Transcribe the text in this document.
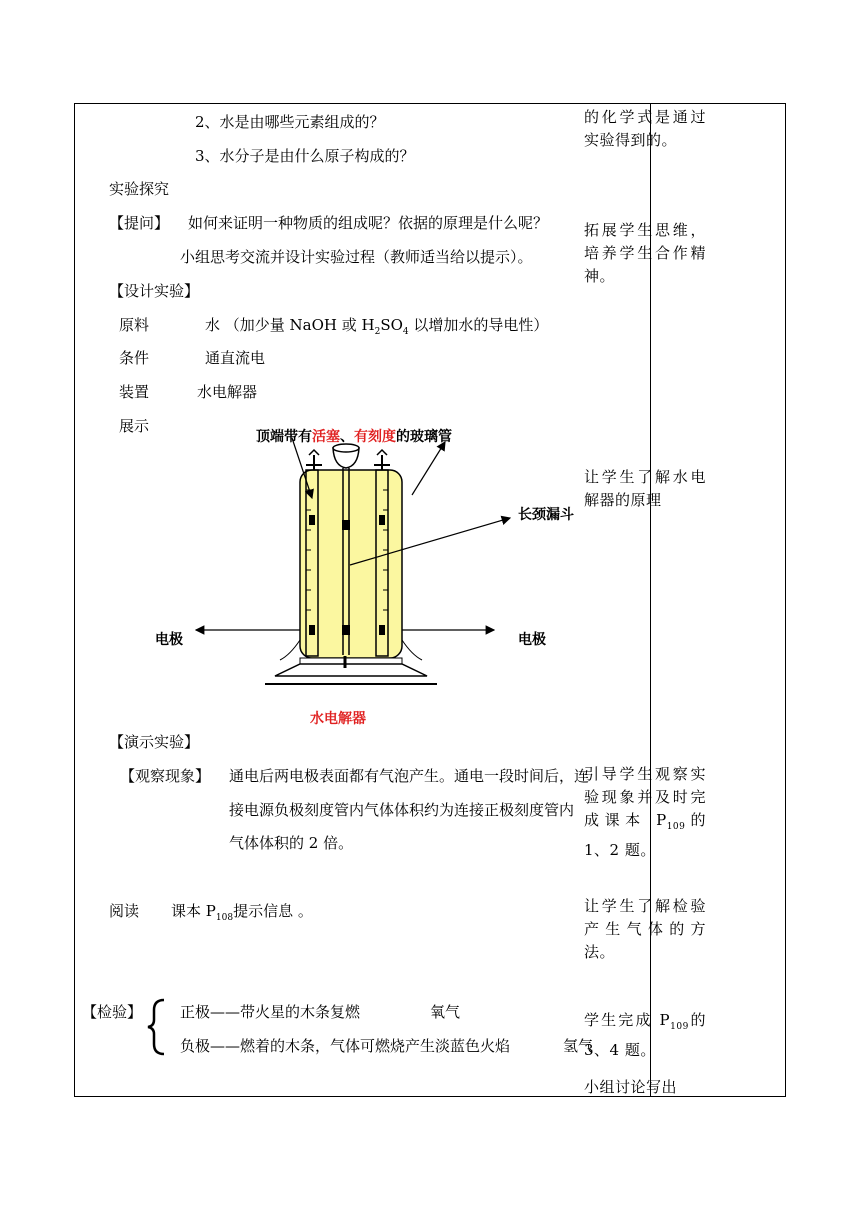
2、水是由哪些元素组成的？
3、水分子是由什么原子构成的？
实验探究
【提问】 如何来证明一种物质的组成呢？依据的原理是什么呢？
小组思考交流并设计实验过程（教师适当给以提示）。
【设计实验】
原料	水 （加少量 NaOH 或 $H_2SO_4$ 以增加水的导电性）
条件	通直流电
装置	水电解器
展示
顶端带有活塞、有刻度的玻璃管
长颈漏斗
电极	电极
水电解器
【演示实验】
【观察现象】 通电后两电极表面都有气泡产生。通电一段时间后，连
接电源负极刻度管内气体体积约为连接正极刻度管内
气体体积的 2 倍。
阅读 课本 $P_{108}$提示信息 。
【检验】	正极——带火星的木条复燃	氧气
负极——燃着的木条，气体可燃烧产生淡蓝色火焰	氢气
的化学式是通过实验得到的。
拓展学生思维，培养学生合作精神。
让学生了解水电解器的原理
引导学生观察实验现象并及时完成课本 $P_{109}$的 1、2 题。
让学生了解检验产生气体的方法。
学生完成 $P_{109}$的 3、4 题。
小组讨论写出
